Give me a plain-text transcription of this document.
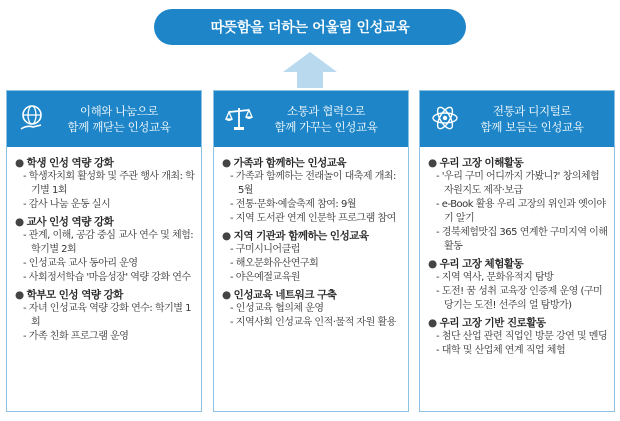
따뜻함을 더하는 어울림 인성교육
이해와 나눔으로
함께 깨닫는 인성교육
● 학생 인성 역량 강화
- 학생자치회 활성화 및 주관 행사 개최: 학기별 1회
- 감사 나눔 운동 실시
● 교사 인성 역량 강화
- 관계, 이해, 공감 중심 교사 연수 및 체험: 학기별 2회
- 인성교육 교사 동아리 운영
- 사회정서학습 '마음성장' 역량 강화 연수
● 학부모 인성 역량 강화
- 자녀 인성교육 역량 강화 연수: 학기별 1회
- 가족 친화 프로그램 운영
소통과 협력으로
함께 가꾸는 인성교육
● 가족과 함께하는 인성교육
- 가족과 함께하는 전래놀이 대축제 개최: 5월
- 전통·문화·예술축제 참여: 9월
- 지역 도서관 연계 인문학 프로그램 참여
● 지역 기관과 함께하는 인성교육
- 구미시니어클럽
- 해오문화유산연구회
- 야은예절교육원
● 인성교육 네트워크 구축
- 인성교육 협의체 운영
- 지역사회 인성교육 인적·물적 자원 활용
전통과 디지털로
함께 보듬는 인성교육
● 우리 고장 이해활동
- '우리 구미 어디까지 가봤니?' 창의체험자원지도 제작·보급
- e-Book 활용 우리 고장의 위인과 옛이야기 알기
- 경북체험맛집 365 연계한 구미지역 이해 활동
● 우리 고장 체험활동
- 지역 역사, 문화유적지 탐방
- 도전! 꿈 성취 교육장 인증제 운영 (구미 당기는 도전! 선주의 얼 탐방가)
● 우리 고장 기반 진로활동
- 첨단 산업 관련 직업인 방문 강연 및 멘딩
- 대학 및 산업체 연계 직업 체험
